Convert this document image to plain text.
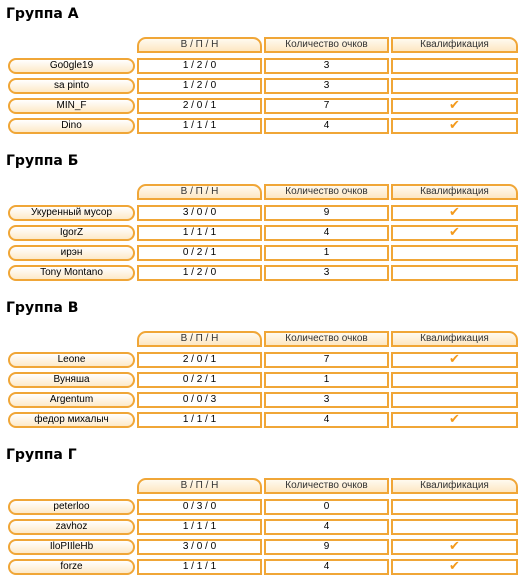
Группа А
В / П / Н	Количество очков	Квалификация
Go0gle19	1 / 2 / 0	3
sa pinto	1 / 2 / 0	3
MIN_F	2 / 0 / 1	7	✔
Dino	1 / 1 / 1	4	✔
Группа Б
В / П / Н	Количество очков	Квалификация
Укуренный мусор	3 / 0 / 0	9	✔
IgorZ	1 / 1 / 1	4	✔
ирэн	0 / 2 / 1	1
Tony Montano	1 / 2 / 0	3
Группа В
В / П / Н	Количество очков	Квалификация
Leone	2 / 0 / 1	7	✔
Вуняша	0 / 2 / 1	1
Argentum	0 / 0 / 3	3
федор михалыч	1 / 1 / 1	4	✔
Группа Г
В / П / Н	Количество очков	Квалификация
peterloo	0 / 3 / 0	0
zavhoz	1 / 1 / 1	4
IloPIIleHb	3 / 0 / 0	9	✔
forze	1 / 1 / 1	4	✔
